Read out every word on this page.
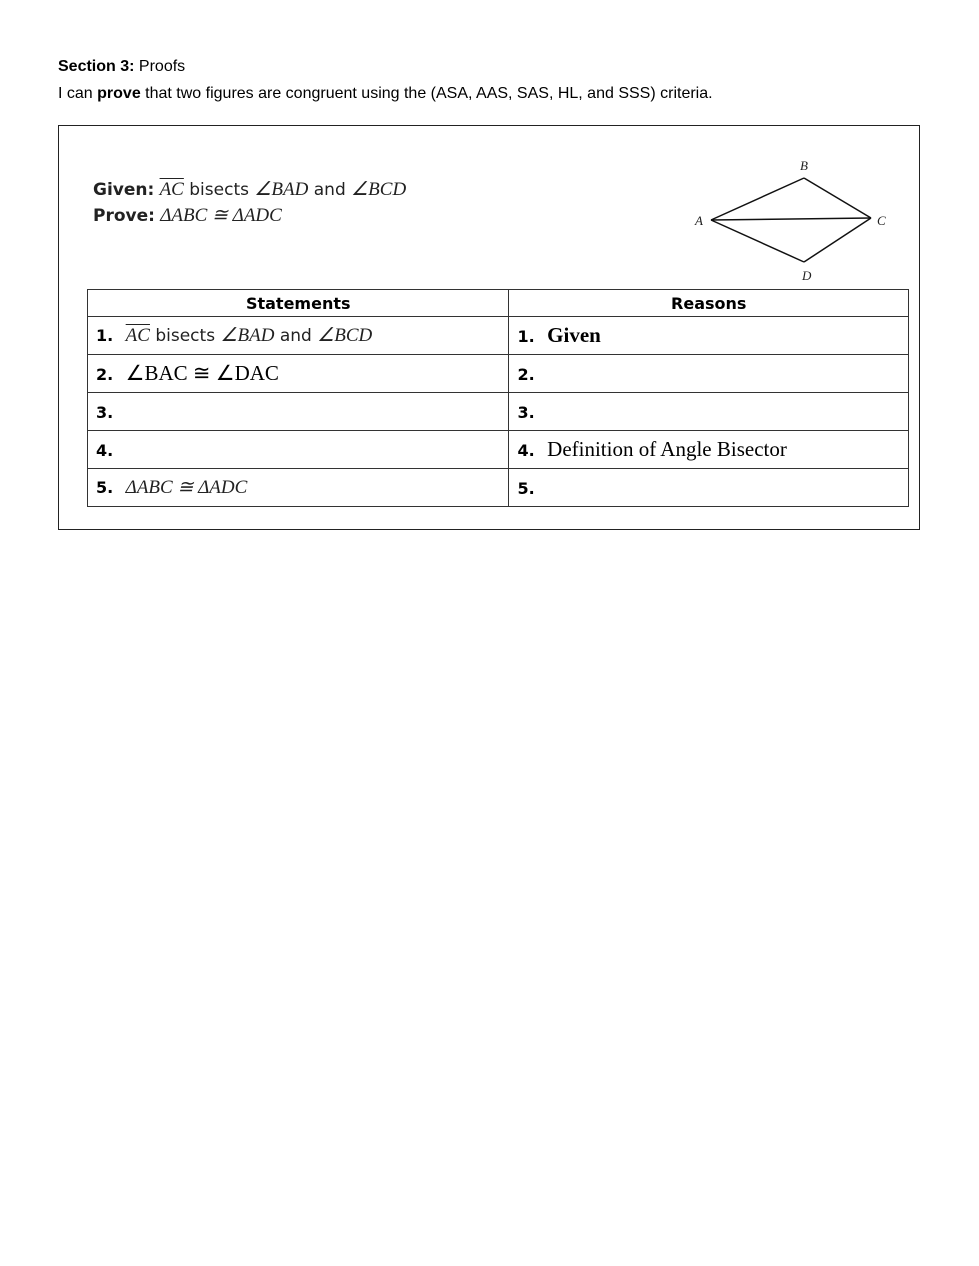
Section 3: Proofs
I can prove that two figures are congruent using the (ASA, AAS, SAS, HL, and SSS) criteria.
Given: $\overline{AC}$ bisects ∠BAD and ∠BCD
Prove: ΔABC ≅ ΔADC
B
A	C
D
Statements	Reasons
1. $\overline{AC}$ bisects ∠BAD and ∠BCD	1. Given
2. ∠BAC ≅ ∠DAC	2.
3.	3.
4.	4. Definition of Angle Bisector
5. ΔABC ≅ ΔADC	5.
